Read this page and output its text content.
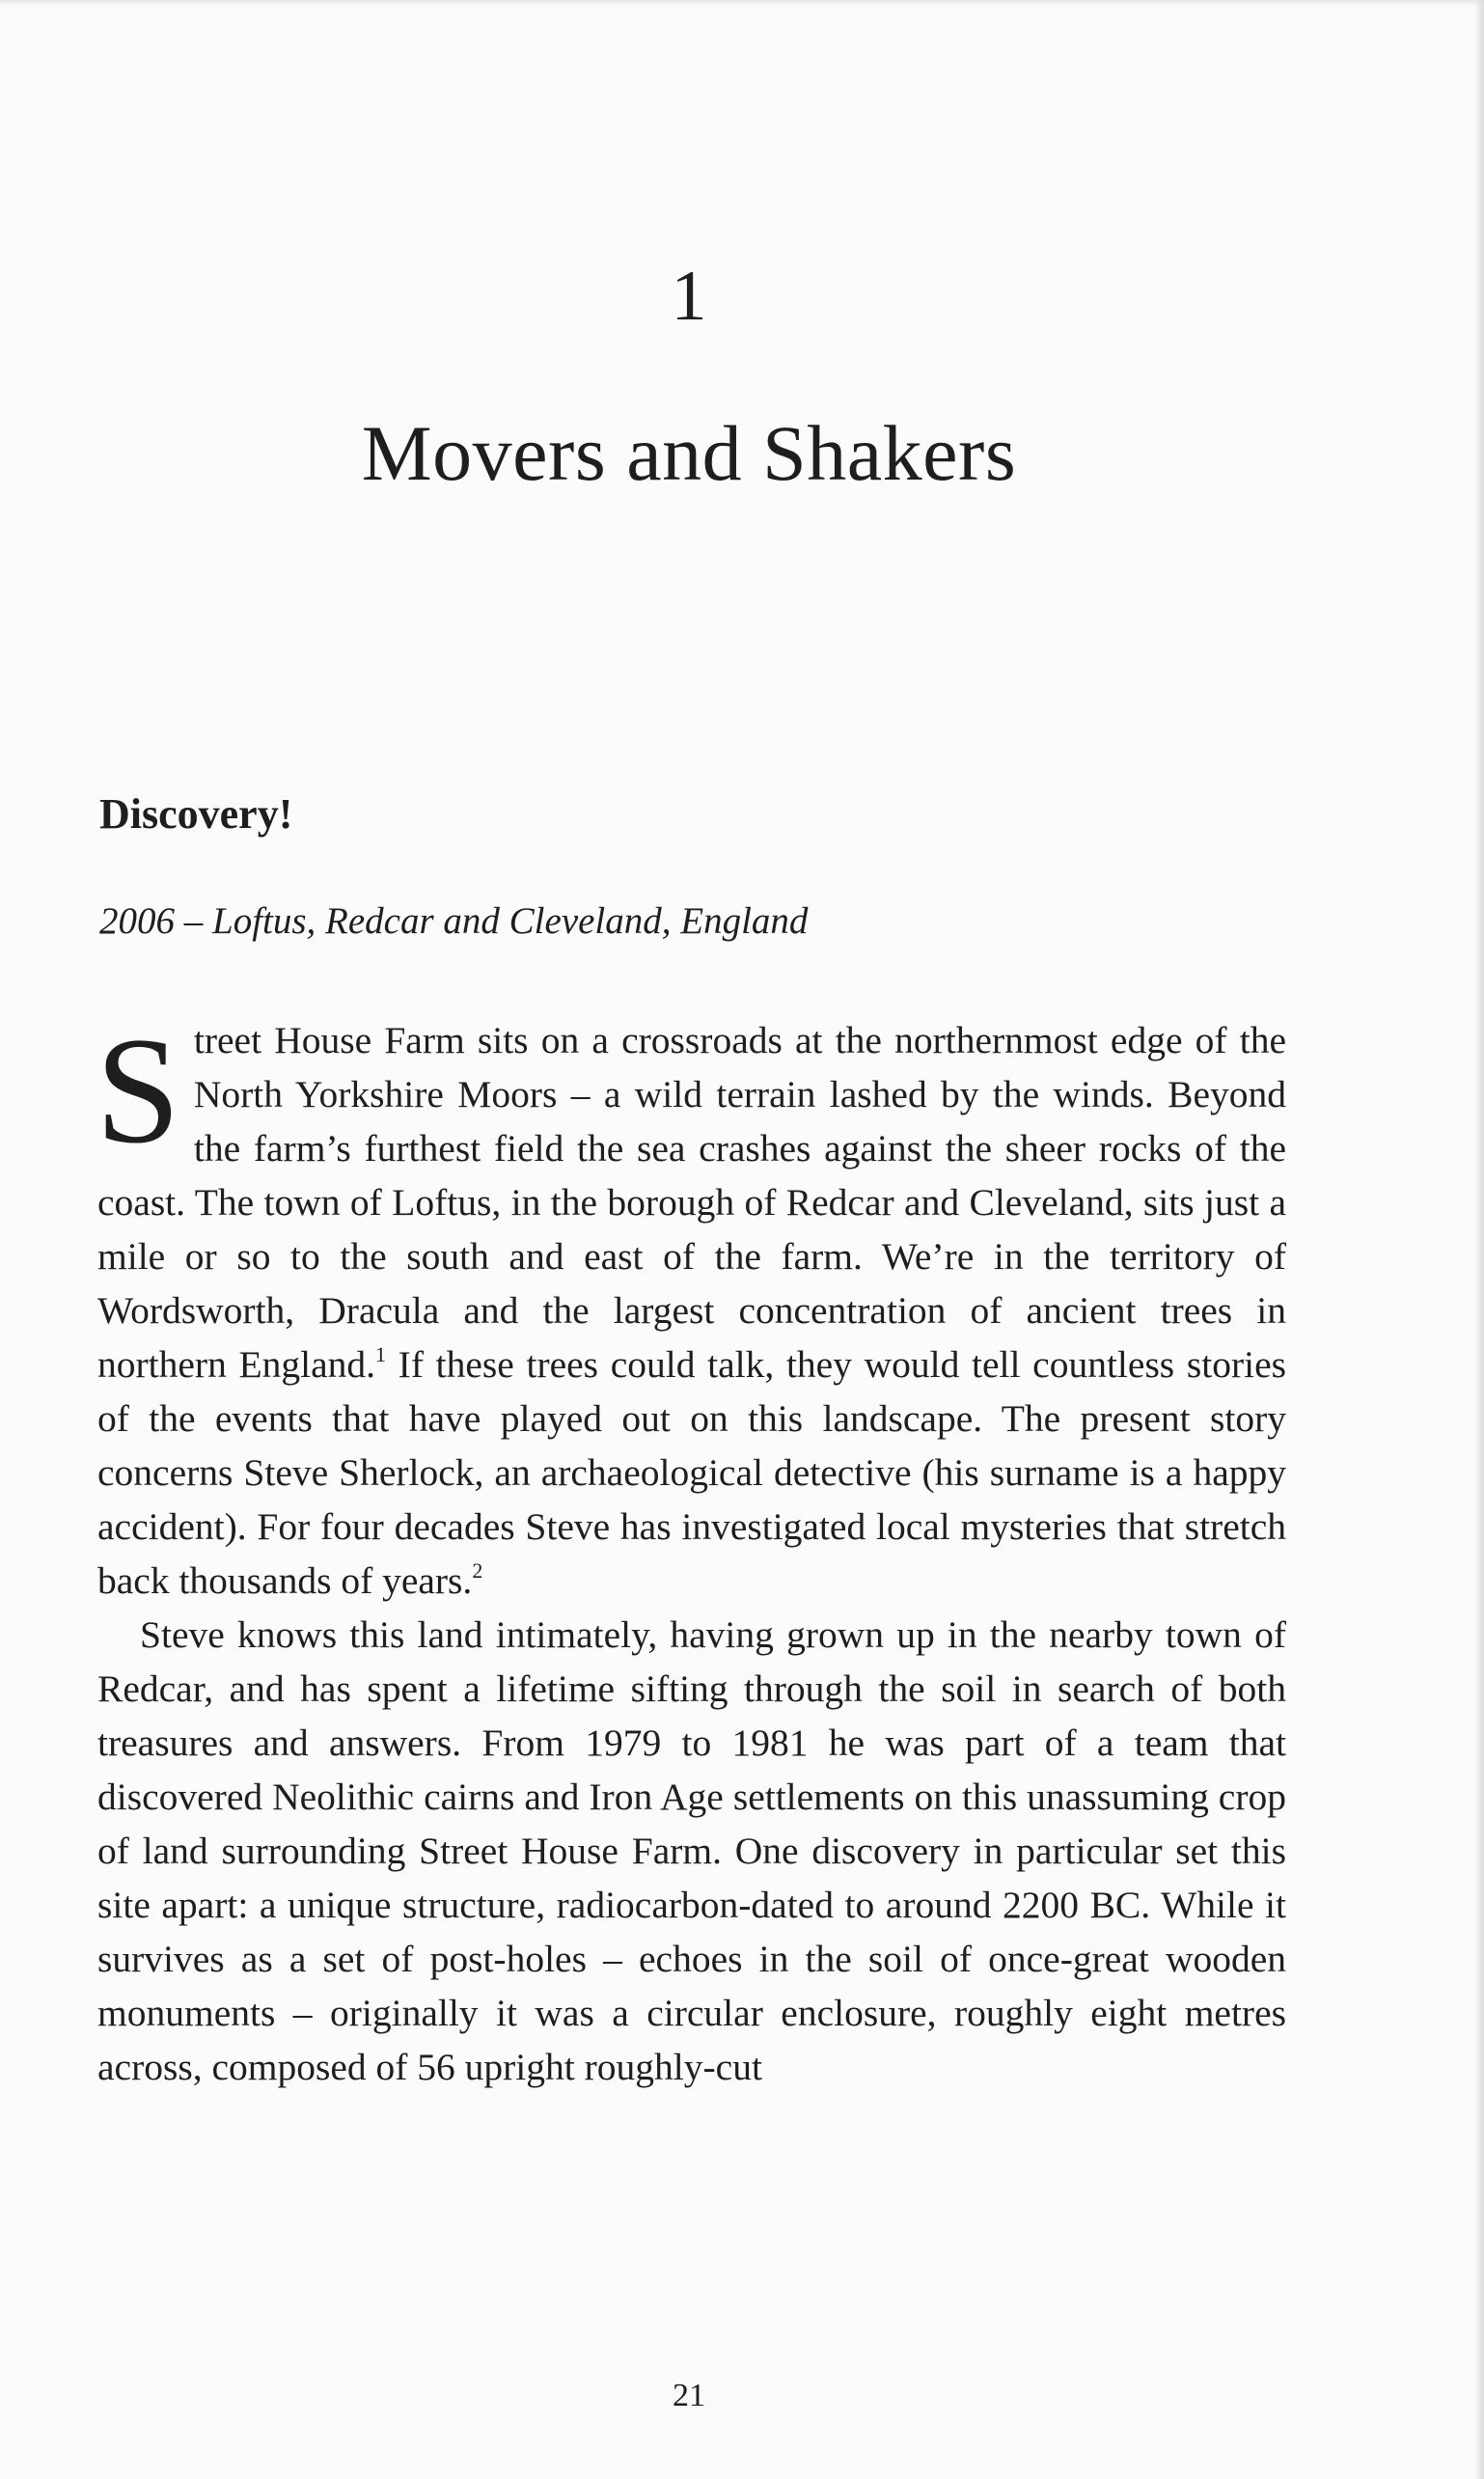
1
Movers and Shakers
Discovery!

2006 – Loftus, Redcar and Cleveland, England

Street House Farm sits on a crossroads at the northernmost edge of the North Yorkshire Moors – a wild terrain lashed by the winds. Beyond the farm’s furthest field the sea crashes against the sheer rocks of the coast. The town of Loftus, in the borough of Redcar and Cleveland, sits just a mile or so to the south and east of the farm. We’re in the territory of Wordsworth, Dracula and the largest concentration of ancient trees in northern England.$^1$ If these trees could talk, they would tell countless stories of the events that have played out on this landscape. The present story concerns Steve Sherlock, an archaeological detective (his surname is a happy accident). For four decades Steve has investigated local mysteries that stretch back thousands of years.$^2$

Steve knows this land intimately, having grown up in the nearby town of Redcar, and has spent a lifetime sifting through the soil in search of both treasures and answers. From 1979 to 1981 he was part of a team that discovered Neolithic cairns and Iron Age settlements on this unassuming crop of land surrounding Street House Farm. One discovery in particular set this site apart: a unique structure, radiocarbon-dated to around 2200 BC. While it survives as a set of post-holes – echoes in the soil of once-great wooden monuments – originally it was a circular enclosure, roughly eight metres across, composed of 56 upright roughly-cut

21
